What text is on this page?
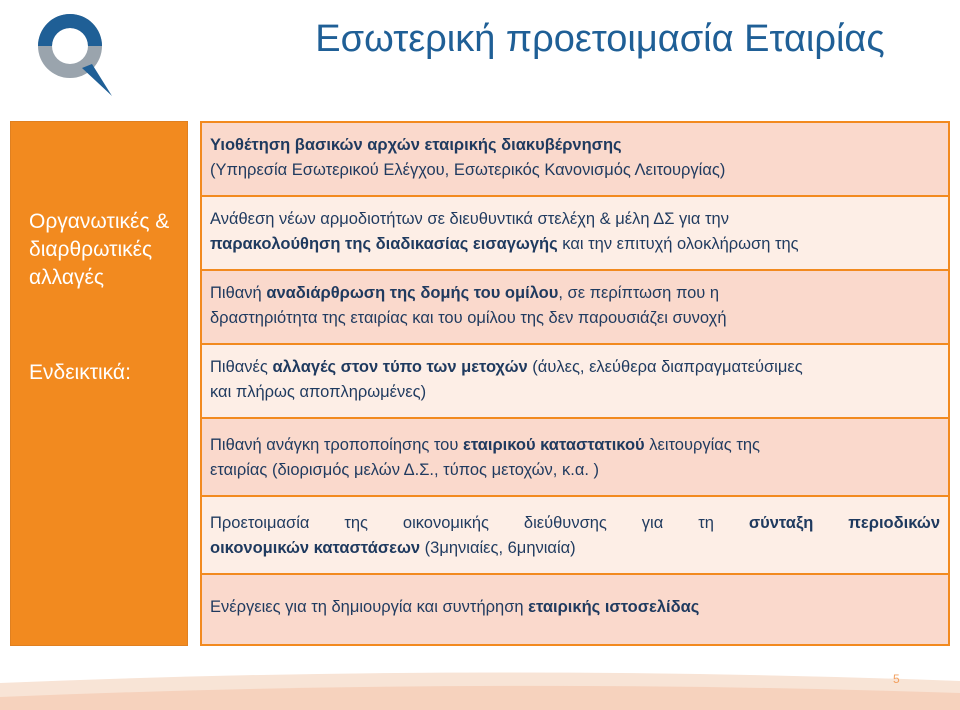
Εσωτερική προετοιμασία Εταιρίας
Οργανωτικές & διαρθρωτικές αλλαγές
Ενδεικτικά:
Υιοθέτηση βασικών αρχών εταιρικής διακυβέρνησης
(Υπηρεσία Εσωτερικού Ελέγχου, Εσωτερικός Κανονισμός Λειτουργίας)
Ανάθεση νέων αρμοδιοτήτων σε διευθυντικά στελέχη & μέλη ΔΣ για την
παρακολούθηση της διαδικασίας εισαγωγής και την επιτυχή ολοκλήρωση της
Πιθανή αναδιάρθρωση της δομής του ομίλου, σε περίπτωση που η
δραστηριότητα της εταιρίας και του ομίλου της δεν παρουσιάζει συνοχή
Πιθανές αλλαγές στον τύπο των μετοχών (άυλες, ελεύθερα διαπραγματεύσιμες
και πλήρως αποπληρωμένες)
Πιθανή ανάγκη τροποποίησης του εταιρικού καταστατικού λειτουργίας της
εταιρίας (διορισμός μελών Δ.Σ., τύπος μετοχών, κ.α. )
Προετοιμασία της οικονομικής διεύθυνσης για τη σύνταξη περιοδικών
οικονομικών καταστάσεων (3μηνιαίες, 6μηνιαία)
Ενέργειες για τη δημιουργία και συντήρηση εταιρικής ιστοσελίδας
5
